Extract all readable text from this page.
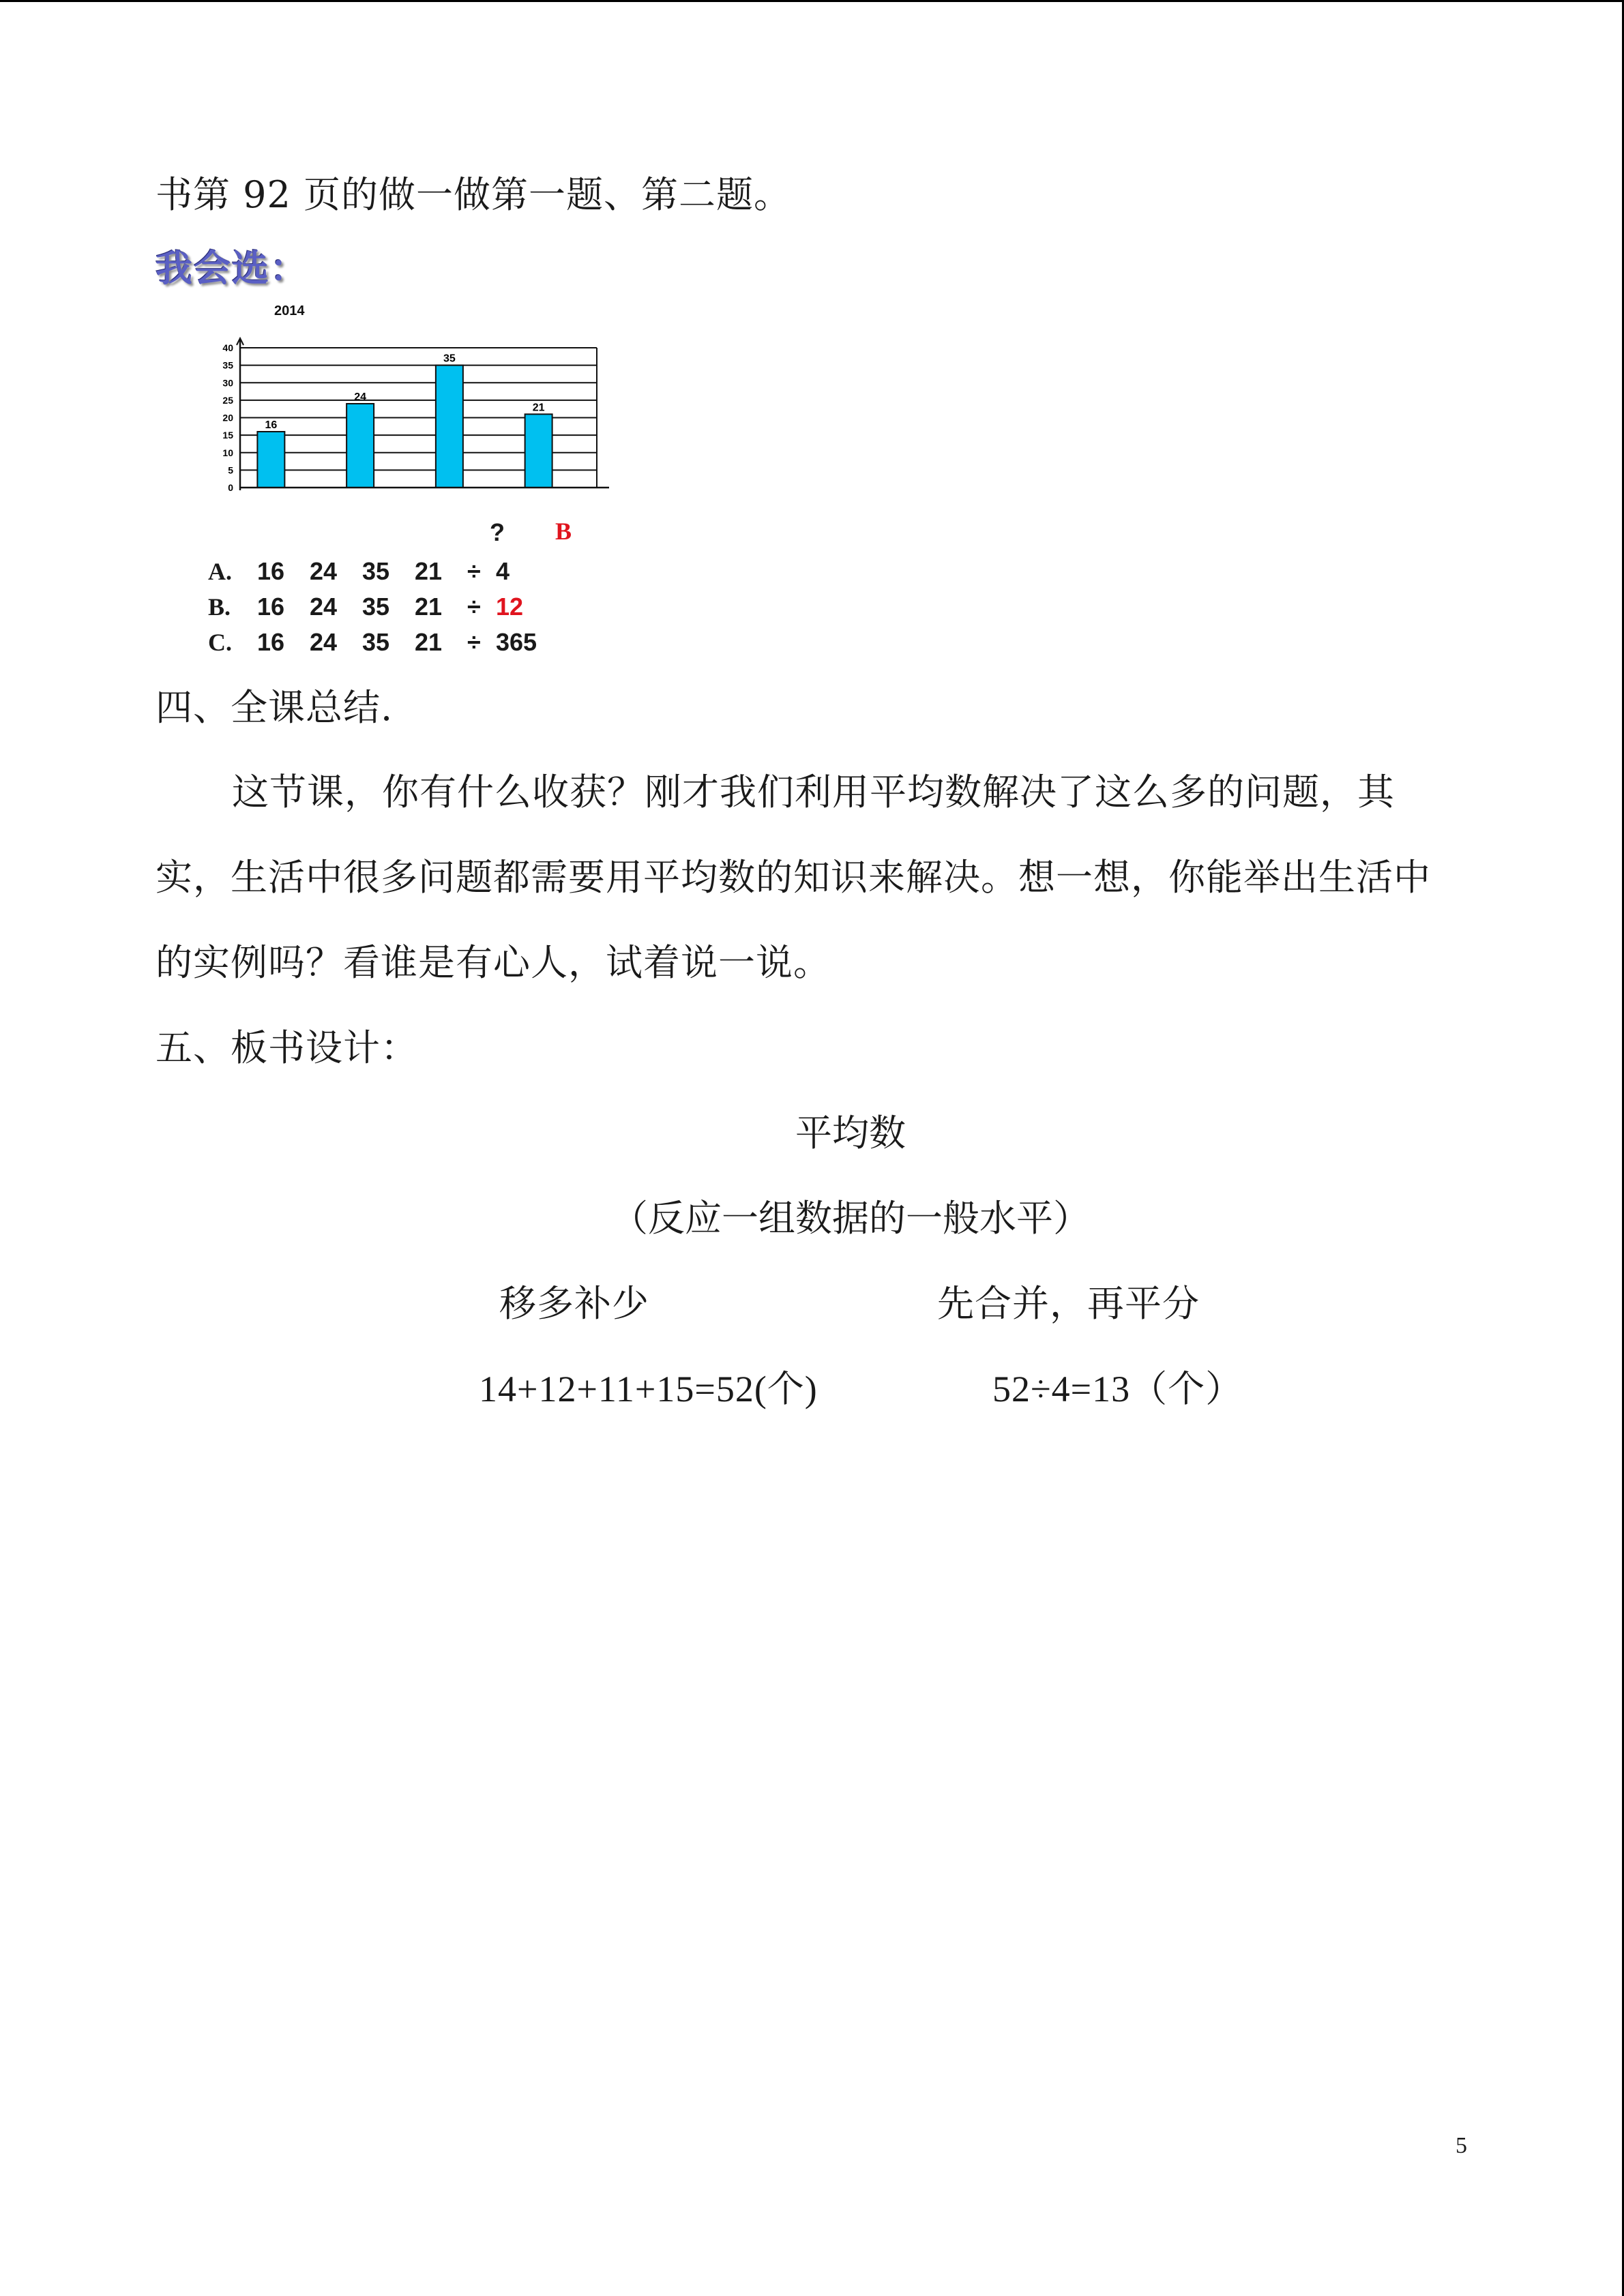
书第 92 页的做一做第一题、第二题。
我会选：
2014
0
5
10
15
20
25
30
35
40
16
24
35
21
? B
A. 16 24 35 21 ÷ 4
B. 16 24 35 21 ÷ 12
C. 16 24 35 21 ÷ 365
四、全课总结.
这节课，你有什么收获？刚才我们利用平均数解决了这么多的问题，其
实，生活中很多问题都需要用平均数的知识来解决。想一想，你能举出生活中
的实例吗？看谁是有心人，试着说一说。
五、板书设计：
平均数
（反应一组数据的一般水平）
移多补少	先合并，再平分
14+12+11+15=52(个)	52÷4=13（个）
5
